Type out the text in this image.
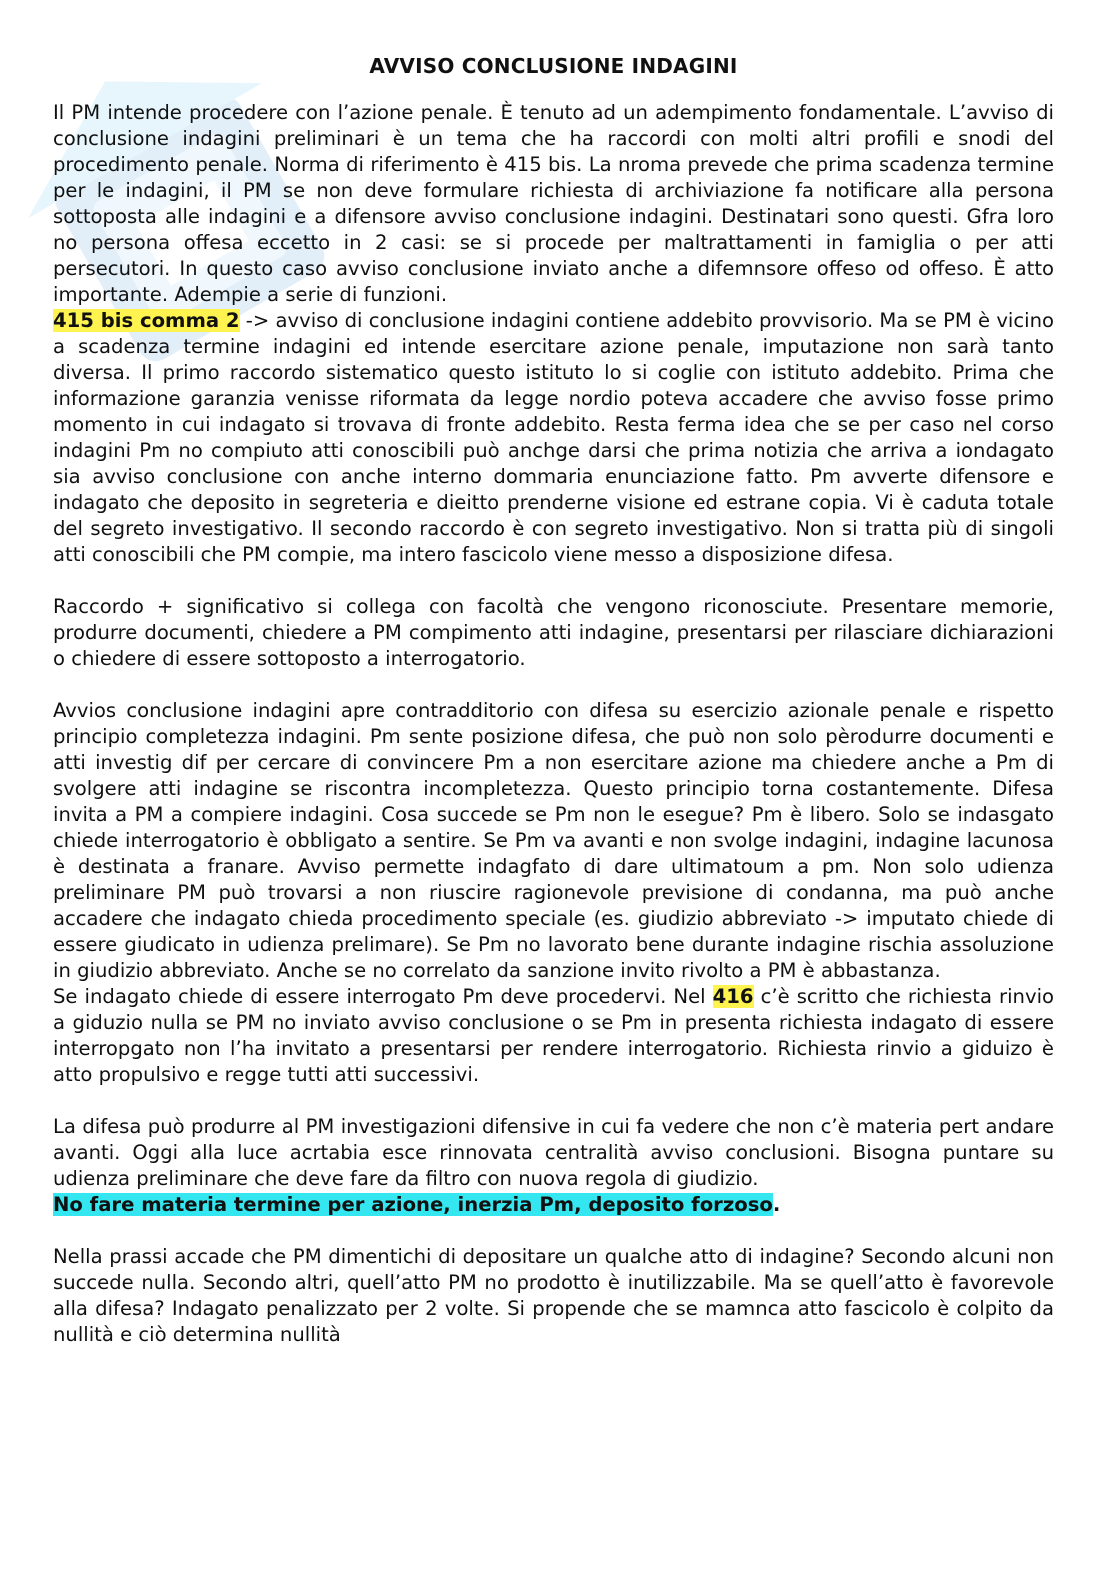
AVVISO CONCLUSIONE INDAGINI

Il PM intende procedere con l’azione penale. È tenuto ad un adempimento fondamentale. L’avviso di conclusione indagini preliminari è un tema che ha raccordi con molti altri profili e snodi del procedimento penale. Norma di riferimento è 415 bis. La nroma prevede che prima scadenza termine per le indagini, il PM se non deve formulare richiesta di archiviazione fa notificare alla persona sottoposta alle indagini e a difensore avviso conclusione indagini. Destinatari sono questi. Gfra loro no persona offesa eccetto in 2 casi: se si procede per maltrattamenti in famiglia o per atti persecutori. In questo caso avviso conclusione inviato anche a difemnsore offeso od offeso. È atto importante. Adempie a serie di funzioni.

415 bis comma 2 -> avviso di conclusione indagini contiene addebito provvisorio. Ma se PM è vicino a scadenza termine indagini ed intende esercitare azione penale, imputazione non sarà tanto diversa. Il primo raccordo sistematico questo istituto lo si coglie con istituto addebito. Prima che informazione garanzia venisse riformata da legge nordio poteva accadere che avviso fosse primo momento in cui indagato si trovava di fronte addebito. Resta ferma idea che se per caso nel corso indagini Pm no compiuto atti conoscibili può anchge darsi che prima notizia che arriva a iondagato sia avviso conclusione con anche interno dommaria enunciazione fatto. Pm avverte difensore e indagato che deposito in segreteria e dieitto prenderne visione ed estrane copia. Vi è caduta totale del segreto investigativo. Il secondo raccordo è con segreto investigativo. Non si tratta più di singoli atti conoscibili che PM compie, ma intero fascicolo viene messo a disposizione difesa.

Raccordo + significativo si collega con facoltà che vengono riconosciute. Presentare memorie, produrre documenti, chiedere a PM compimento atti indagine, presentarsi per rilasciare dichiarazioni o chiedere di essere sottoposto a interrogatorio.

Avvios conclusione indagini apre contradditorio con difesa su esercizio azionale penale e rispetto principio completezza indagini. Pm sente posizione difesa, che può non solo pèrodurre documenti e atti investig dif per cercare di convincere Pm a non esercitare azione ma chiedere anche a Pm di svolgere atti indagine se riscontra incompletezza. Questo principio torna costantemente. Difesa invita a PM a compiere indagini. Cosa succede se Pm non le esegue? Pm è libero. Solo se indasgato chiede interrogatorio è obbligato a sentire. Se Pm va avanti e non svolge indagini, indagine lacunosa è destinata a franare. Avviso permette indagfato di dare ultimatoum a pm. Non solo udienza preliminare PM può trovarsi a non riuscire ragionevole previsione di condanna, ma può anche accadere che indagato chieda procedimento speciale (es. giudizio abbreviato -> imputato chiede di essere giudicato in udienza prelimare). Se Pm no lavorato bene durante indagine rischia assoluzione in giudizio abbreviato. Anche se no correlato da sanzione invito rivolto a PM è abbastanza.

Se indagato chiede di essere interrogato Pm deve procedervi. Nel 416 c’è scritto che richiesta rinvio a giduzio nulla se PM no inviato avviso conclusione o se Pm in presenta richiesta indagato di essere interropgato non l’ha invitato a presentarsi per rendere interrogatorio. Richiesta rinvio a giduizo è atto propulsivo e regge tutti atti successivi.

La difesa può produrre al PM investigazioni difensive in cui fa vedere che non c’è materia pert andare avanti. Oggi alla luce acrtabia esce rinnovata centralità avviso conclusioni. Bisogna puntare su udienza preliminare che deve fare da filtro con nuova regola di giudizio.

No fare materia termine per azione, inerzia Pm, deposito forzoso.

Nella prassi accade che PM dimentichi di depositare un qualche atto di indagine? Secondo alcuni non succede nulla. Secondo altri, quell’atto PM no prodotto è inutilizzabile. Ma se quell’atto è favorevole alla difesa? Indagato penalizzato per 2 volte. Si propende che se mamnca atto fascicolo è colpito da nullità e ciò determina nullità
